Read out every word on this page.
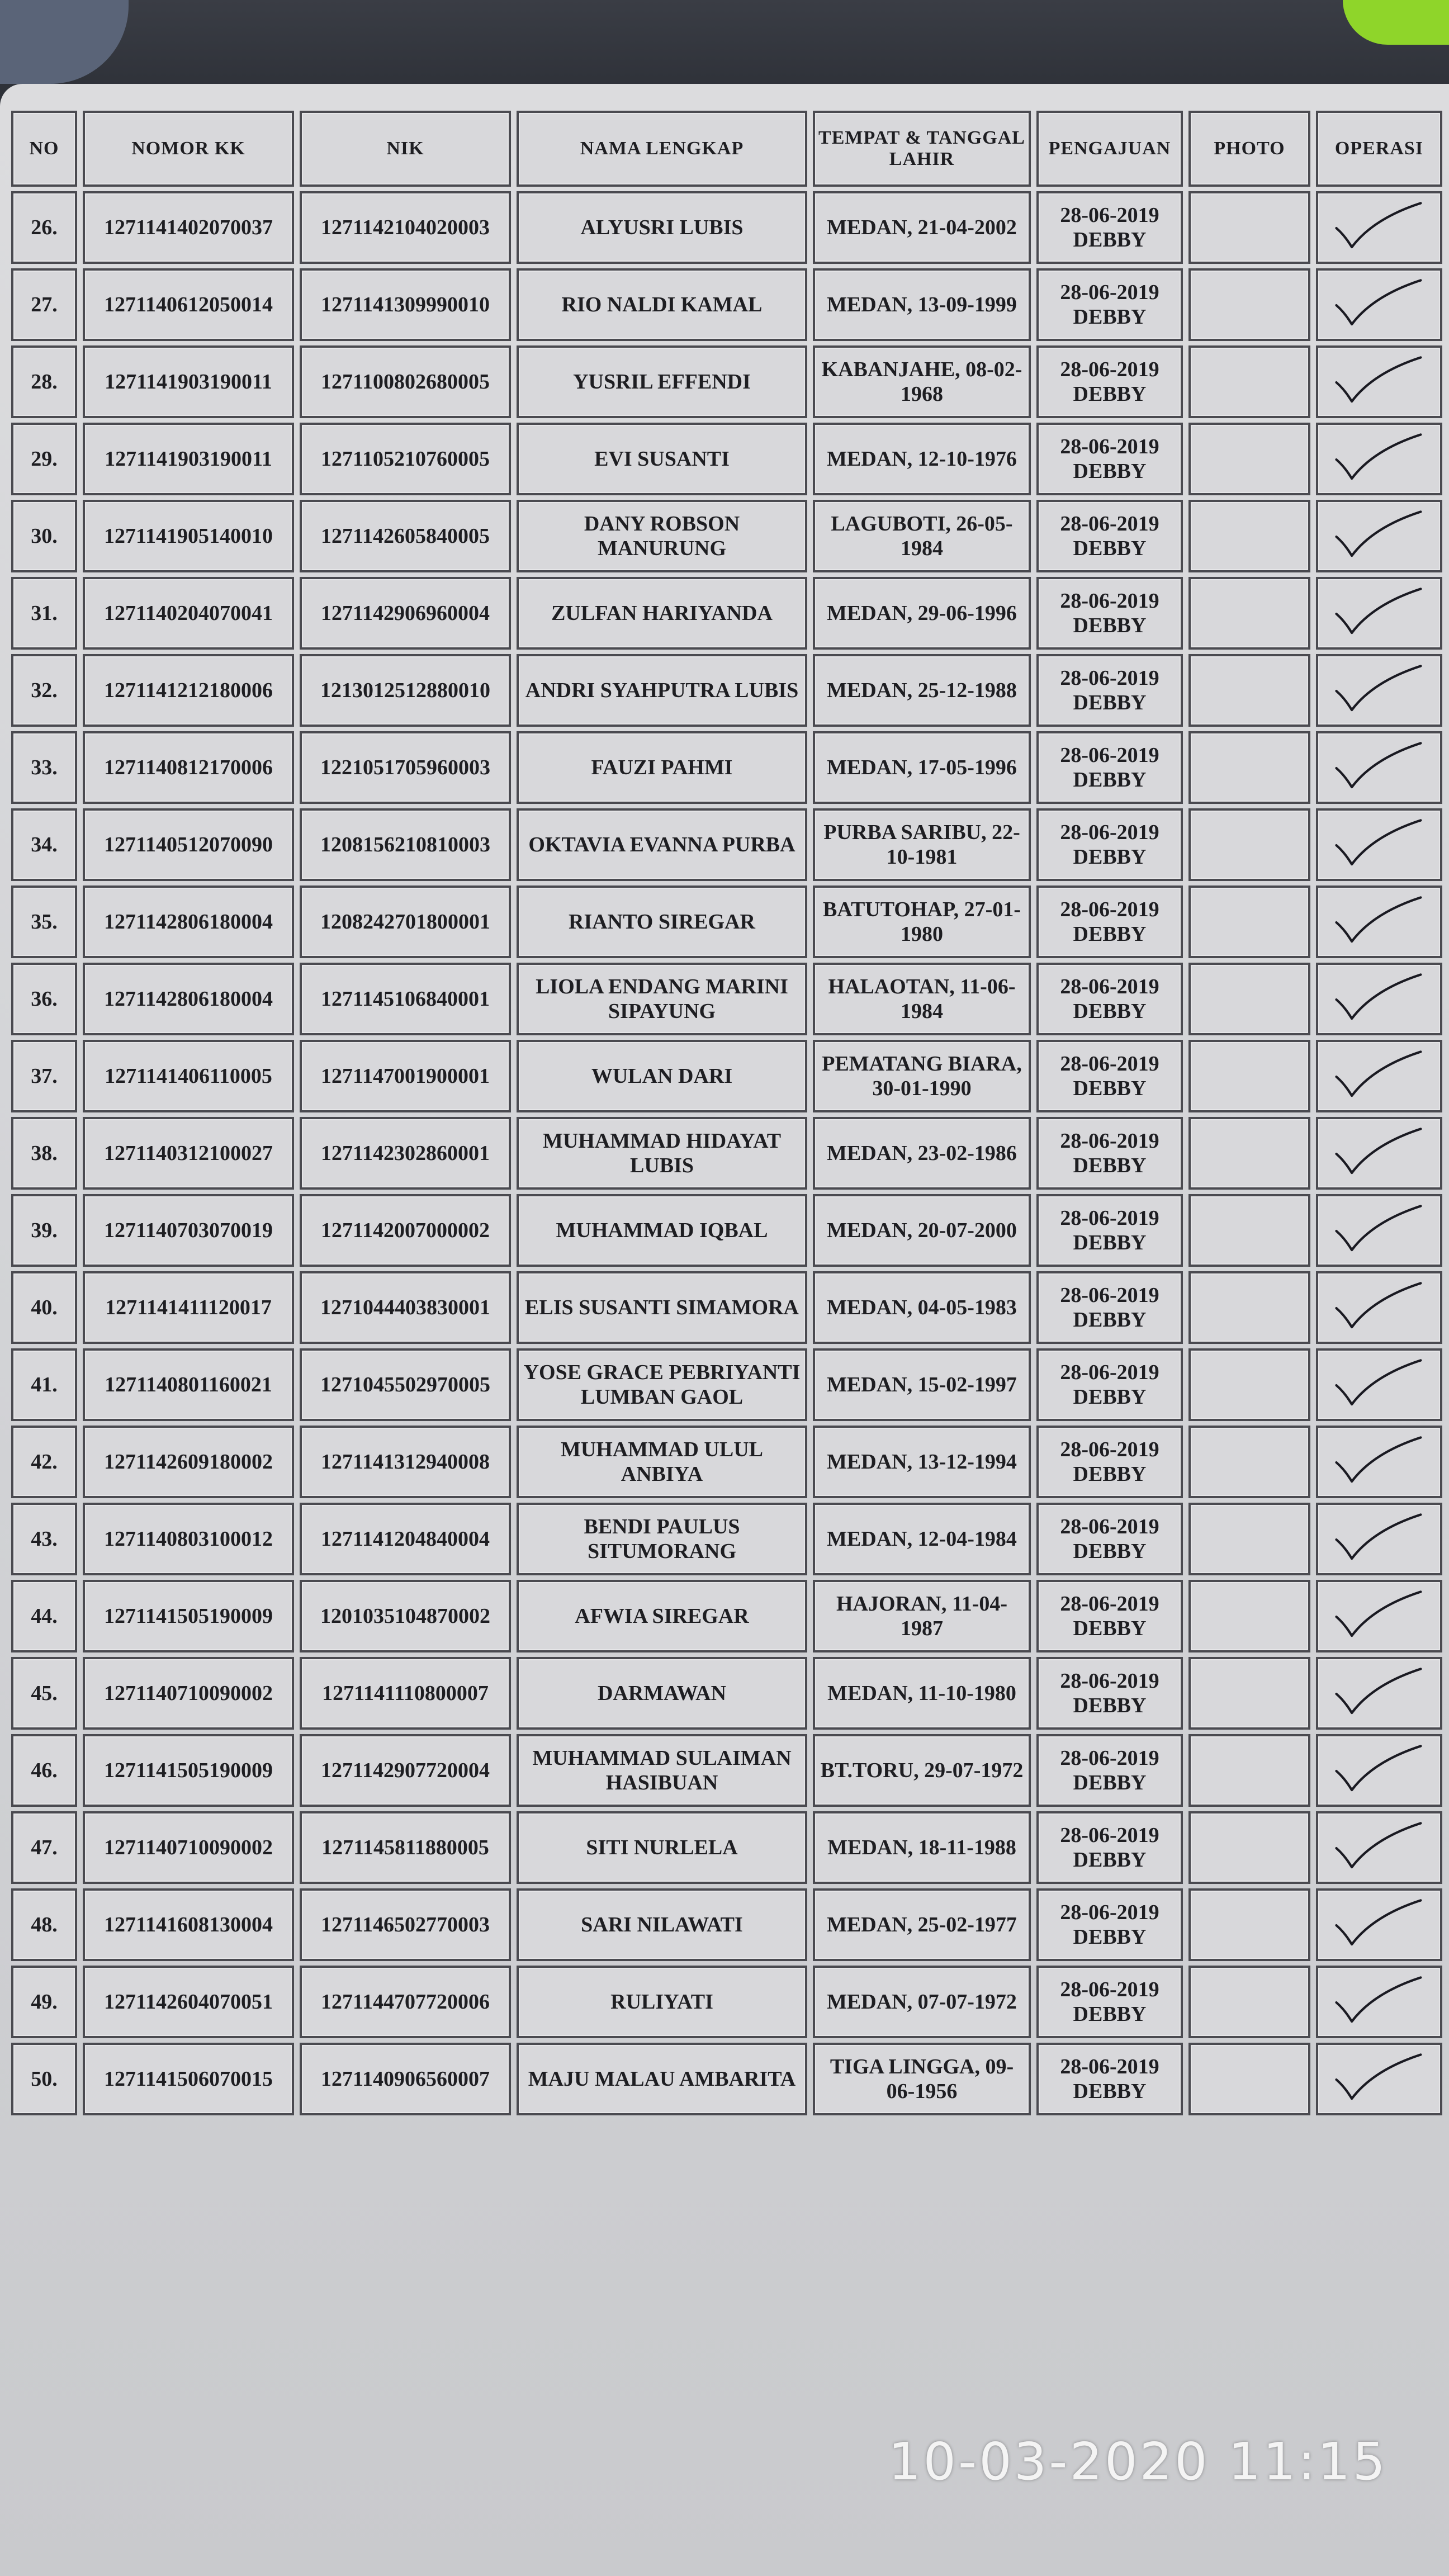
NO	NOMOR KK	NIK	NAMA LENGKAP	TEMPAT & TANGGAL LAHIR	PENGAJUAN	PHOTO	OPERASI
26.	1271141402070037	1271142104020003	ALYUSRI LUBIS	MEDAN, 21-04-2002	28-06-2019 DEBBY		

27.	1271140612050014	1271141309990010	RIO NALDI KAMAL	MEDAN, 13-09-1999	28-06-2019 DEBBY		

28.	1271141903190011	1271100802680005	YUSRIL EFFENDI	KABANJAHE, 08-02-1968	28-06-2019 DEBBY		

29.	1271141903190011	1271105210760005	EVI SUSANTI	MEDAN, 12-10-1976	28-06-2019 DEBBY		

30.	1271141905140010	1271142605840005	DANY ROBSON MANURUNG	LAGUBOTI, 26-05-1984	28-06-2019 DEBBY		

31.	1271140204070041	1271142906960004	ZULFAN HARIYANDA	MEDAN, 29-06-1996	28-06-2019 DEBBY		

32.	1271141212180006	1213012512880010	ANDRI SYAHPUTRA LUBIS	MEDAN, 25-12-1988	28-06-2019 DEBBY		

33.	1271140812170006	1221051705960003	FAUZI PAHMI	MEDAN, 17-05-1996	28-06-2019 DEBBY		

34.	1271140512070090	1208156210810003	OKTAVIA EVANNA PURBA	PURBA SARIBU, 22-10-1981	28-06-2019 DEBBY		

35.	1271142806180004	1208242701800001	RIANTO SIREGAR	BATUTOHAP, 27-01-1980	28-06-2019 DEBBY		

36.	1271142806180004	1271145106840001	LIOLA ENDANG MARINI SIPAYUNG	HALAOTAN, 11-06-1984	28-06-2019 DEBBY		

37.	1271141406110005	1271147001900001	WULAN DARI	PEMATANG BIARA, 30-01-1990	28-06-2019 DEBBY		

38.	1271140312100027	1271142302860001	MUHAMMAD HIDAYAT LUBIS	MEDAN, 23-02-1986	28-06-2019 DEBBY		

39.	1271140703070019	1271142007000002	MUHAMMAD IQBAL	MEDAN, 20-07-2000	28-06-2019 DEBBY		

40.	1271141411120017	1271044403830001	ELIS SUSANTI SIMAMORA	MEDAN, 04-05-1983	28-06-2019 DEBBY		

41.	1271140801160021	1271045502970005	YOSE GRACE PEBRIYANTI LUMBAN GAOL	MEDAN, 15-02-1997	28-06-2019 DEBBY		

42.	1271142609180002	1271141312940008	MUHAMMAD ULUL ANBIYA	MEDAN, 13-12-1994	28-06-2019 DEBBY		

43.	1271140803100012	1271141204840004	BENDI PAULUS SITUMORANG	MEDAN, 12-04-1984	28-06-2019 DEBBY		

44.	1271141505190009	1201035104870002	AFWIA SIREGAR	HAJORAN, 11-04-1987	28-06-2019 DEBBY		

45.	1271140710090002	1271141110800007	DARMAWAN	MEDAN, 11-10-1980	28-06-2019 DEBBY		

46.	1271141505190009	1271142907720004	MUHAMMAD SULAIMAN HASIBUAN	BT.TORU, 29-07-1972	28-06-2019 DEBBY		

47.	1271140710090002	1271145811880005	SITI NURLELA	MEDAN, 18-11-1988	28-06-2019 DEBBY		

48.	1271141608130004	1271146502770003	SARI NILAWATI	MEDAN, 25-02-1977	28-06-2019 DEBBY		

49.	1271142604070051	1271144707720006	RULIYATI	MEDAN, 07-07-1972	28-06-2019 DEBBY		

50.	1271141506070015	1271140906560007	MAJU MALAU AMBARITA	TIGA LINGGA, 09-06-1956	28-06-2019 DEBBY		
10-03-2020 11:15
